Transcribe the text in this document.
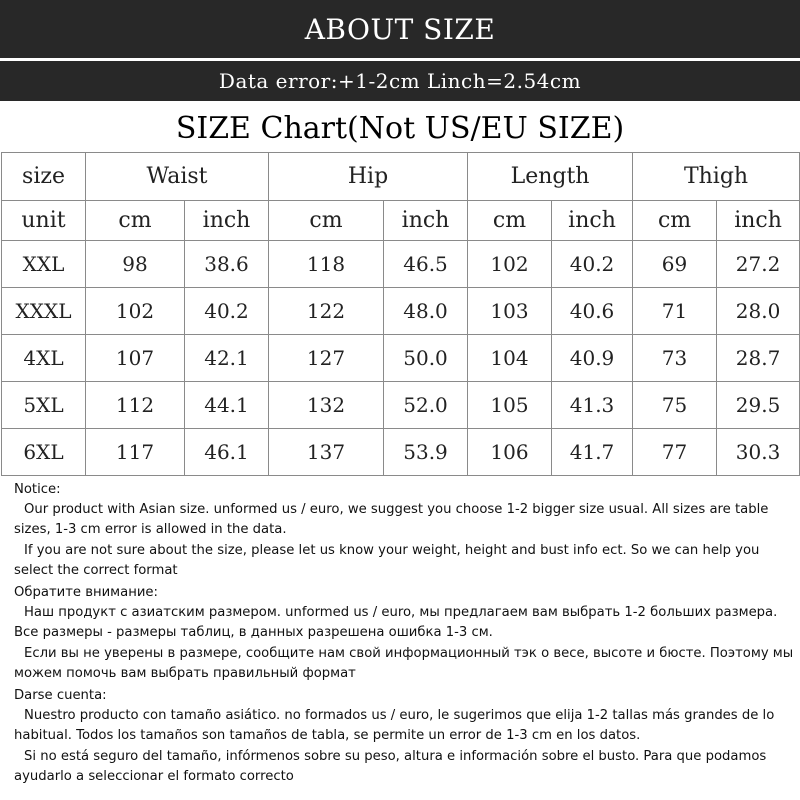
ABOUT SIZE
Data error:+1-2cm Linch=2.54cm
SIZE Chart(Not US/EU SIZE)
size	Waist		Hip		Length		Thigh	
unit	cm	inch	cm	inch	cm	inch	cm	inch
XXL	98	38.6	118	46.5	102	40.2	69	27.2
XXXL	102	40.2	122	48.0	103	40.6	71	28.0
4XL	107	42.1	127	50.0	104	40.9	73	28.7
5XL	112	44.1	132	52.0	105	41.3	75	29.5
6XL	117	46.1	137	53.9	106	41.7	77	30.3

Notice:

Our product with Asian size. unformed us / euro, we suggest you choose 1-2 bigger size usual. All sizes are table sizes, 1-3 cm error is allowed in the data.

If you are not sure about the size, please let us know your weight, height and bust info ect. So we can help you select the correct format

Обратите внимание:

Наш продукт с азиатским размером. unformed us / euro, мы предлагаем вам выбрать 1-2 больших размера. Все размеры - размеры таблиц, в данных разрешена ошибка 1-3 см.

Если вы не уверены в размере, сообщите нам свой информационный тэк о весе, высоте и бюсте. Поэтому мы можем помочь вам выбрать правильный формат

Darse cuenta:

Nuestro producto con tamaño asiático. no formados us / euro, le sugerimos que elija 1-2 tallas más grandes de lo habitual. Todos los tamaños son tamaños de tabla, se permite un error de 1-3 cm en los datos.

Si no está seguro del tamaño, infórmenos sobre su peso, altura e información sobre el busto. Para que podamos ayudarlo a seleccionar el formato correcto
